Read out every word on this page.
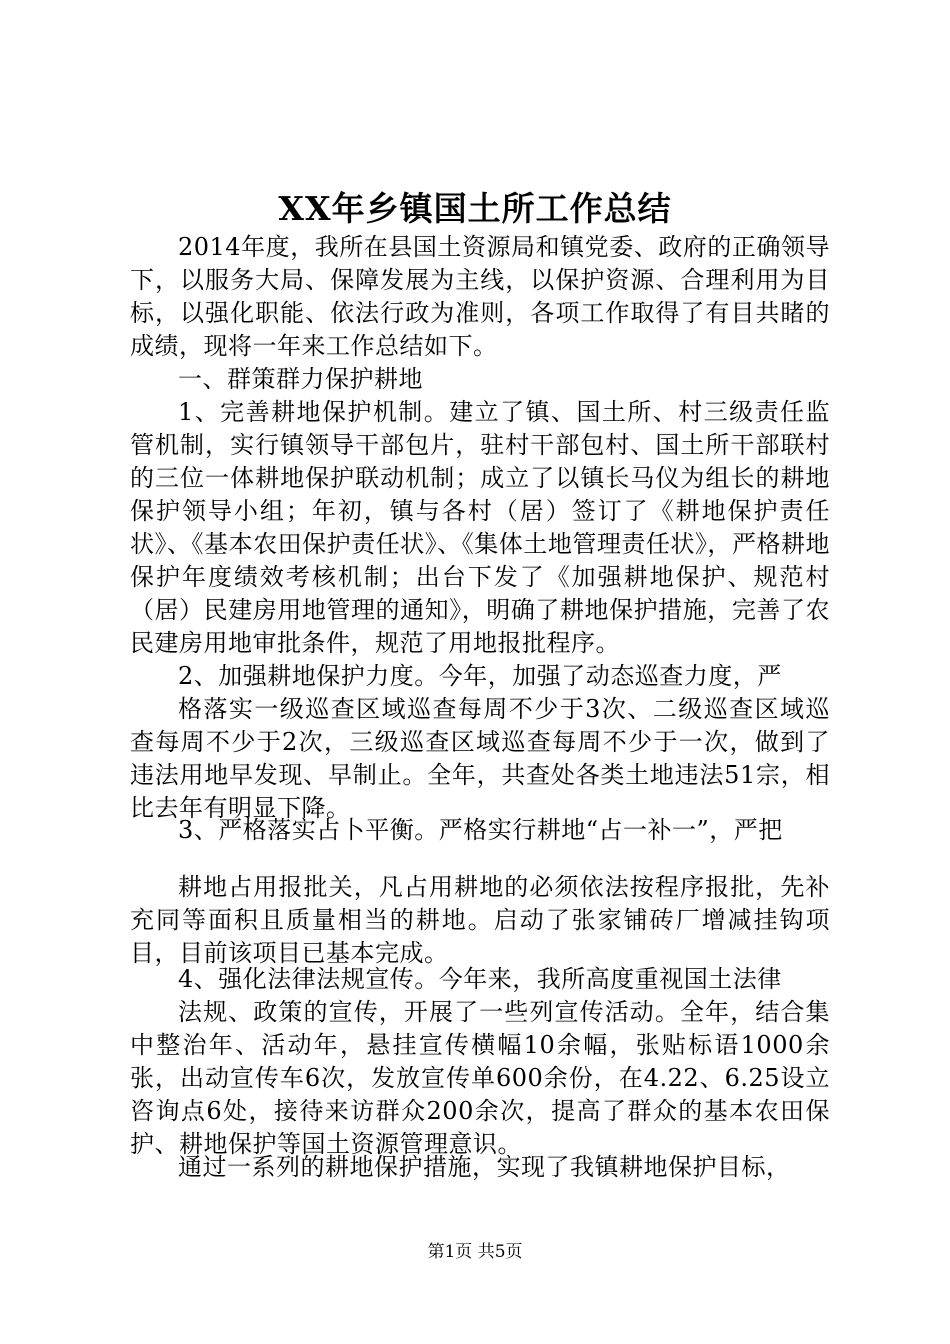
XX年乡镇国土所工作总结

2014年度，我所在县国土资源局和镇党委、政府的正确领导下，以服务大局、保障发展为主线，以保护资源、合理利用为目标，以强化职能、依法行政为准则，各项工作取得了有目共睹的成绩，现将一年来工作总结如下。

一、群策群力保护耕地

1、完善耕地保护机制。建立了镇、国土所、村三级责任监管机制，实行镇领导干部包片，驻村干部包村、国土所干部联村的三位一体耕地保护联动机制；成立了以镇长马仪为组长的耕地保护领导小组；年初，镇与各村（居）签订了《耕地保护责任状》、《基本农田保护责任状》、《集体土地管理责任状》，严格耕地保护年度绩效考核机制；出台下发了《加强耕地保护、规范村（居）民建房用地管理的通知》，明确了耕地保护措施，完善了农民建房用地审批条件，规范了用地报批程序。

2、加强耕地保护力度。今年，加强了动态巡查力度，严

格落实一级巡查区域巡查每周不少于3次、二级巡查区域巡查每周不少于2次，三级巡查区域巡查每周不少于一次，做到了违法用地早发现、早制止。全年，共查处各类土地违法51宗，相比去年有明显下降。

3、严格落实占卜平衡。严格实行耕地“占一补一”，严把

耕地占用报批关，凡占用耕地的必须依法按程序报批，先补充同等面积且质量相当的耕地。启动了张家铺砖厂增减挂钩项目，目前该项目已基本完成。

4、强化法律法规宣传。今年来，我所高度重视国土法律

法规、政策的宣传，开展了一些列宣传活动。全年，结合集中整治年、活动年，悬挂宣传横幅10余幅，张贴标语1000余张，出动宣传车6次，发放宣传单600余份，在4.22、6.25设立咨询点6处，接待来访群众200余次，提高了群众的基本农田保护、耕地保护等国土资源管理意识。

通过一系列的耕地保护措施，实现了我镇耕地保护目标，

第1页 共5页
